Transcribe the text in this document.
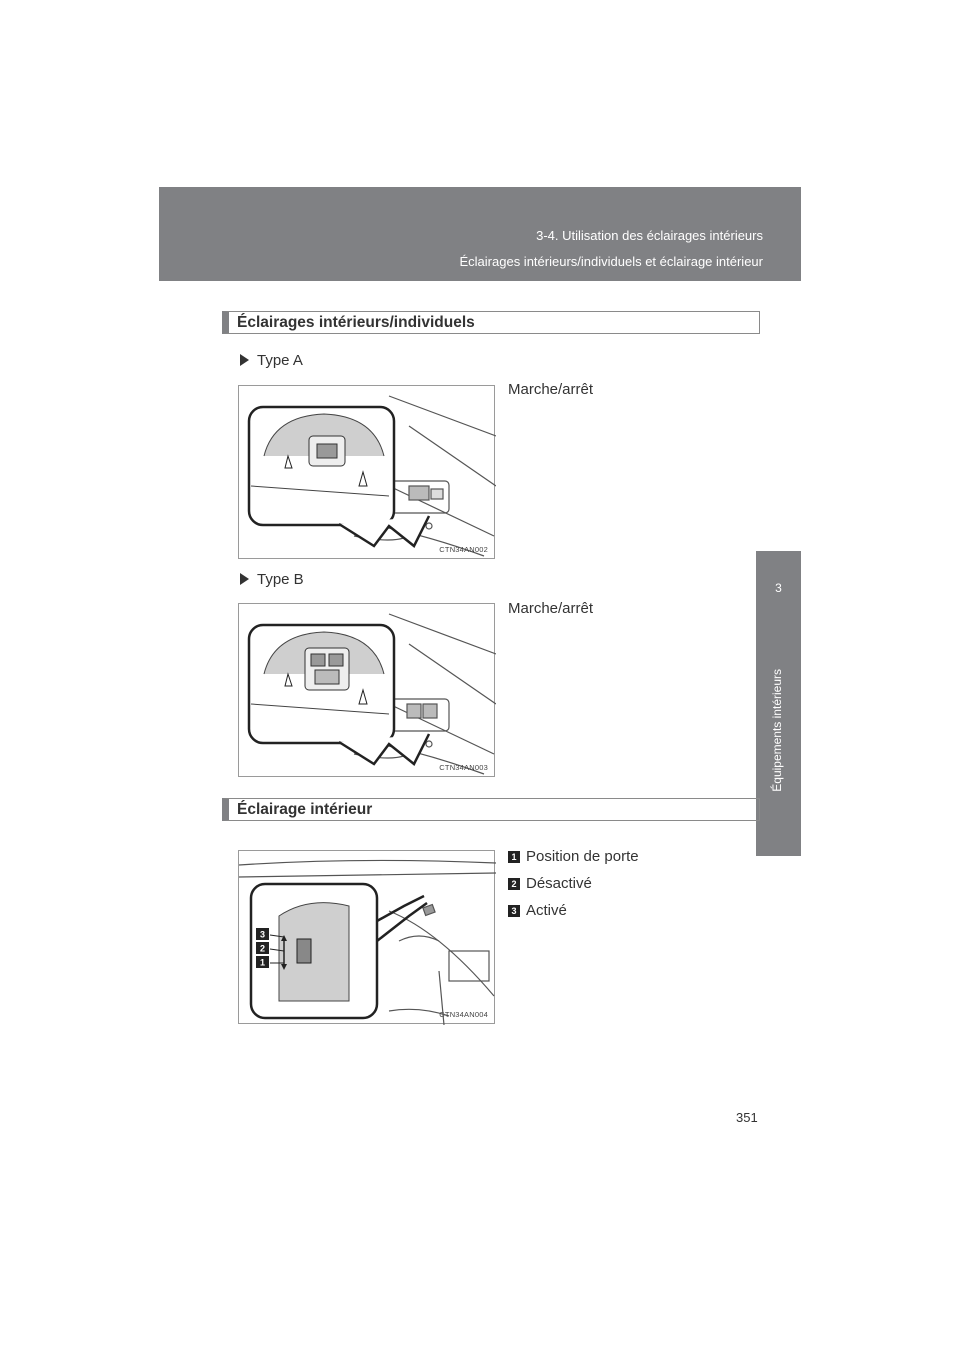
3-4. Utilisation des éclairages intérieurs
Éclairages intérieurs/individuels et éclairage intérieur
3
Équipements intérieurs
Éclairages intérieurs/individuels
Type A
Marche/arrêt
CTN34AN002
Type B
Marche/arrêt
CTN34AN003
Éclairage intérieur
1 Position de porte
2 Désactivé
3 Activé
3
2
1
CTN34AN004
351
